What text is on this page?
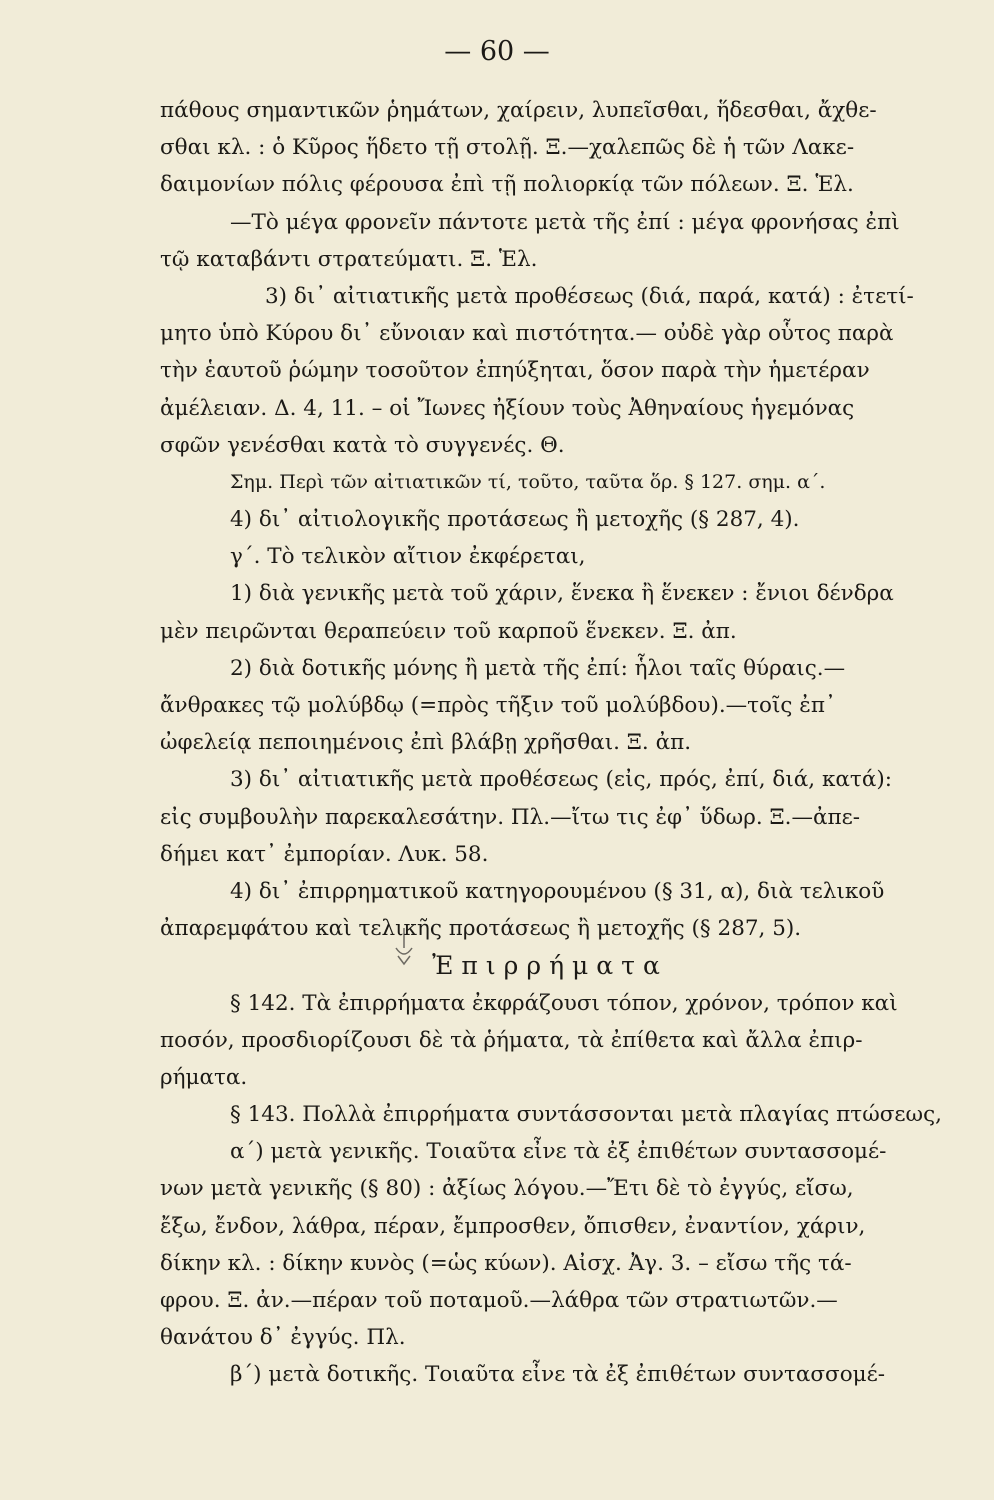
— 60 —
πάθους σημαντικῶν ῥημάτων, χαίρειν, λυπεῖσθαι, ἥδεσθαι, ἄχθε-
σθαι κλ. : ὁ Κῦρος ἥδετο τῇ στολῇ. Ξ.—χαλεπῶς δὲ ἡ τῶν Λακε-
δαιμονίων πόλις φέρουσα ἐπὶ τῇ πολιορκίᾳ τῶν πόλεων. Ξ. Ἑλ.
—Τὸ μέγα φρονεῖν πάντοτε μετὰ τῆς ἐπί : μέγα φρονήσας ἐπὶ
τῷ καταβάντι στρατεύματι. Ξ. Ἑλ.
3) δι᾿ αἰτιατικῆς μετὰ προθέσεως (διά, παρά, κατά) : ἐτετί-
μητο ὑπὸ Κύρου δι᾿ εὔνοιαν καὶ πιστότητα.— οὐδὲ γὰρ οὗτος παρὰ
τὴν ἑαυτοῦ ῥώμην τοσοῦτον ἐπηύξηται, ὅσον παρὰ τὴν ἡμετέραν
ἀμέλειαν. Δ. 4, 11. – οἱ Ἴωνες ἠξίουν τοὺς Ἀθηναίους ἡγεμόνας
σφῶν γενέσθαι κατὰ τὸ συγγενές. Θ.
Σημ. Περὶ τῶν αἰτιατικῶν τί, τοῦτο, ταῦτα ὅρ. § 127. σημ. α΄.
4) δι᾿ αἰτιολογικῆς προτάσεως ἢ μετοχῆς (§ 287, 4).
γ΄. Τὸ τελικὸν αἴτιον ἐκφέρεται,
1) διὰ γενικῆς μετὰ τοῦ χάριν, ἕνεκα ἢ ἕνεκεν : ἔνιοι δένδρα
μὲν πειρῶνται θεραπεύειν τοῦ καρποῦ ἕνεκεν. Ξ. ἀπ.
2) διὰ δοτικῆς μόνης ἢ μετὰ τῆς ἐπί: ἧλοι ταῖς θύραις.—
ἄνθρακες τῷ μολύβδῳ (=πρὸς τῆξιν τοῦ μολύβδου).—τοῖς ἐπ᾿
ὠφελείᾳ πεποιημένοις ἐπὶ βλάβῃ χρῆσθαι. Ξ. ἀπ.
3) δι᾿ αἰτιατικῆς μετὰ προθέσεως (εἰς, πρός, ἐπί, διά, κατά):
εἰς συμβουλὴν παρεκαλεσάτην. Πλ.—ἴτω τις ἐφ᾿ ὕδωρ. Ξ.—ἀπε-
δήμει κατ᾿ ἐμπορίαν. Λυκ. 58.
4) δι᾿ ἐπιρρηματικοῦ κατηγορουμένου (§ 31, α), διὰ τελικοῦ
ἀπαρεμφάτου καὶ τελικῆς προτάσεως ἢ μετοχῆς (§ 287, 5).
Ἐπιρρήματα
§ 142. Τὰ ἐπιρρήματα ἐκφράζουσι τόπον, χρόνον, τρόπον καὶ
ποσόν, προσδιορίζουσι δὲ τὰ ῥήματα, τὰ ἐπίθετα καὶ ἄλλα ἐπιρ-
ρήματα.
§ 143. Πολλὰ ἐπιρρήματα συντάσσονται μετὰ πλαγίας πτώσεως,
α΄) μετὰ γενικῆς. Τοιαῦτα εἶνε τὰ ἐξ ἐπιθέτων συντασσομέ-
νων μετὰ γενικῆς (§ 80) : ἀξίως λόγου.—Ἔτι δὲ τὸ ἐγγύς, εἴσω,
ἔξω, ἔνδον, λάθρα, πέραν, ἔμπροσθεν, ὄπισθεν, ἐναντίον, χάριν,
δίκην κλ. : δίκην κυνὸς (=ὡς κύων). Αἰσχ. Ἀγ. 3. – εἴσω τῆς τά-
φρου. Ξ. ἀν.—πέραν τοῦ ποταμοῦ.—λάθρα τῶν στρατιωτῶν.—
θανάτου δ᾿ ἐγγύς. Πλ.
β΄) μετὰ δοτικῆς. Τοιαῦτα εἶνε τὰ ἐξ ἐπιθέτων συντασσομέ-
